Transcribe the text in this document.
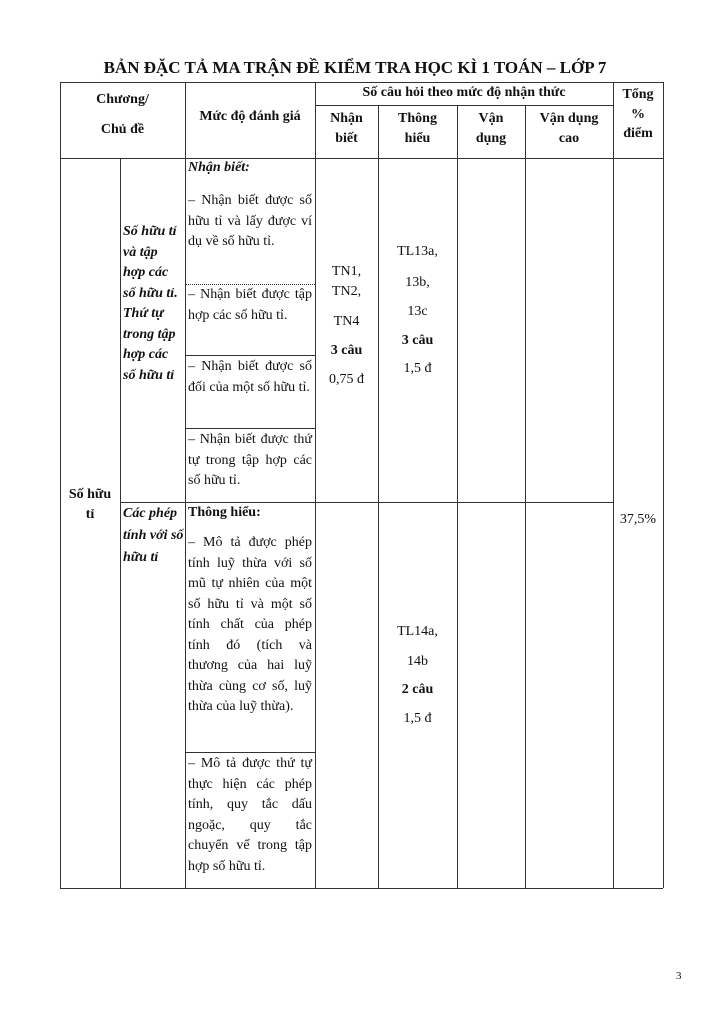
BẢN ĐẶC TẢ MA TRẬN ĐỀ KIỂM TRA HỌC KÌ 1 TOÁN – LỚP 7
Chương/
Chủ đề
Mức độ đánh giá
Số câu hỏi theo mức độ nhận thức
Nhận
biết
Thông
hiểu
Vận
dụng
Vận dụng
cao
Tổng
%
điểm
Số hữu
tỉ	37,5%
Số hữu tỉ và tập hợp các số hữu tỉ. Thứ tự trong tập hợp các số hữu tỉ
Nhận biết:
– Nhận biết được số hữu tỉ và lấy được ví dụ về số hữu tỉ.
– Nhận biết được tập hợp các số hữu tỉ.
– Nhận biết được số đối của một số hữu tỉ.
– Nhận biết được thứ tự trong tập hợp các số hữu tỉ.
TN1,
TN2,
TN4
3 câu
0,75 đ
TL13a,
13b,
13c
3 câu
1,5 đ
Các phép tính với số hữu tỉ
Thông hiểu:
– Mô tả được phép tính luỹ thừa với số mũ tự nhiên của một số hữu tỉ và một số tính chất của phép tính đó (tích và thương của hai luỹ thừa cùng cơ số, luỹ thừa của luỹ thừa).
– Mô tả được thứ tự thực hiện các phép tính, quy tắc dấu ngoặc, quy tắc chuyển vế trong tập hợp số hữu tỉ.
TL14a,
14b
2 câu
1,5 đ
3
